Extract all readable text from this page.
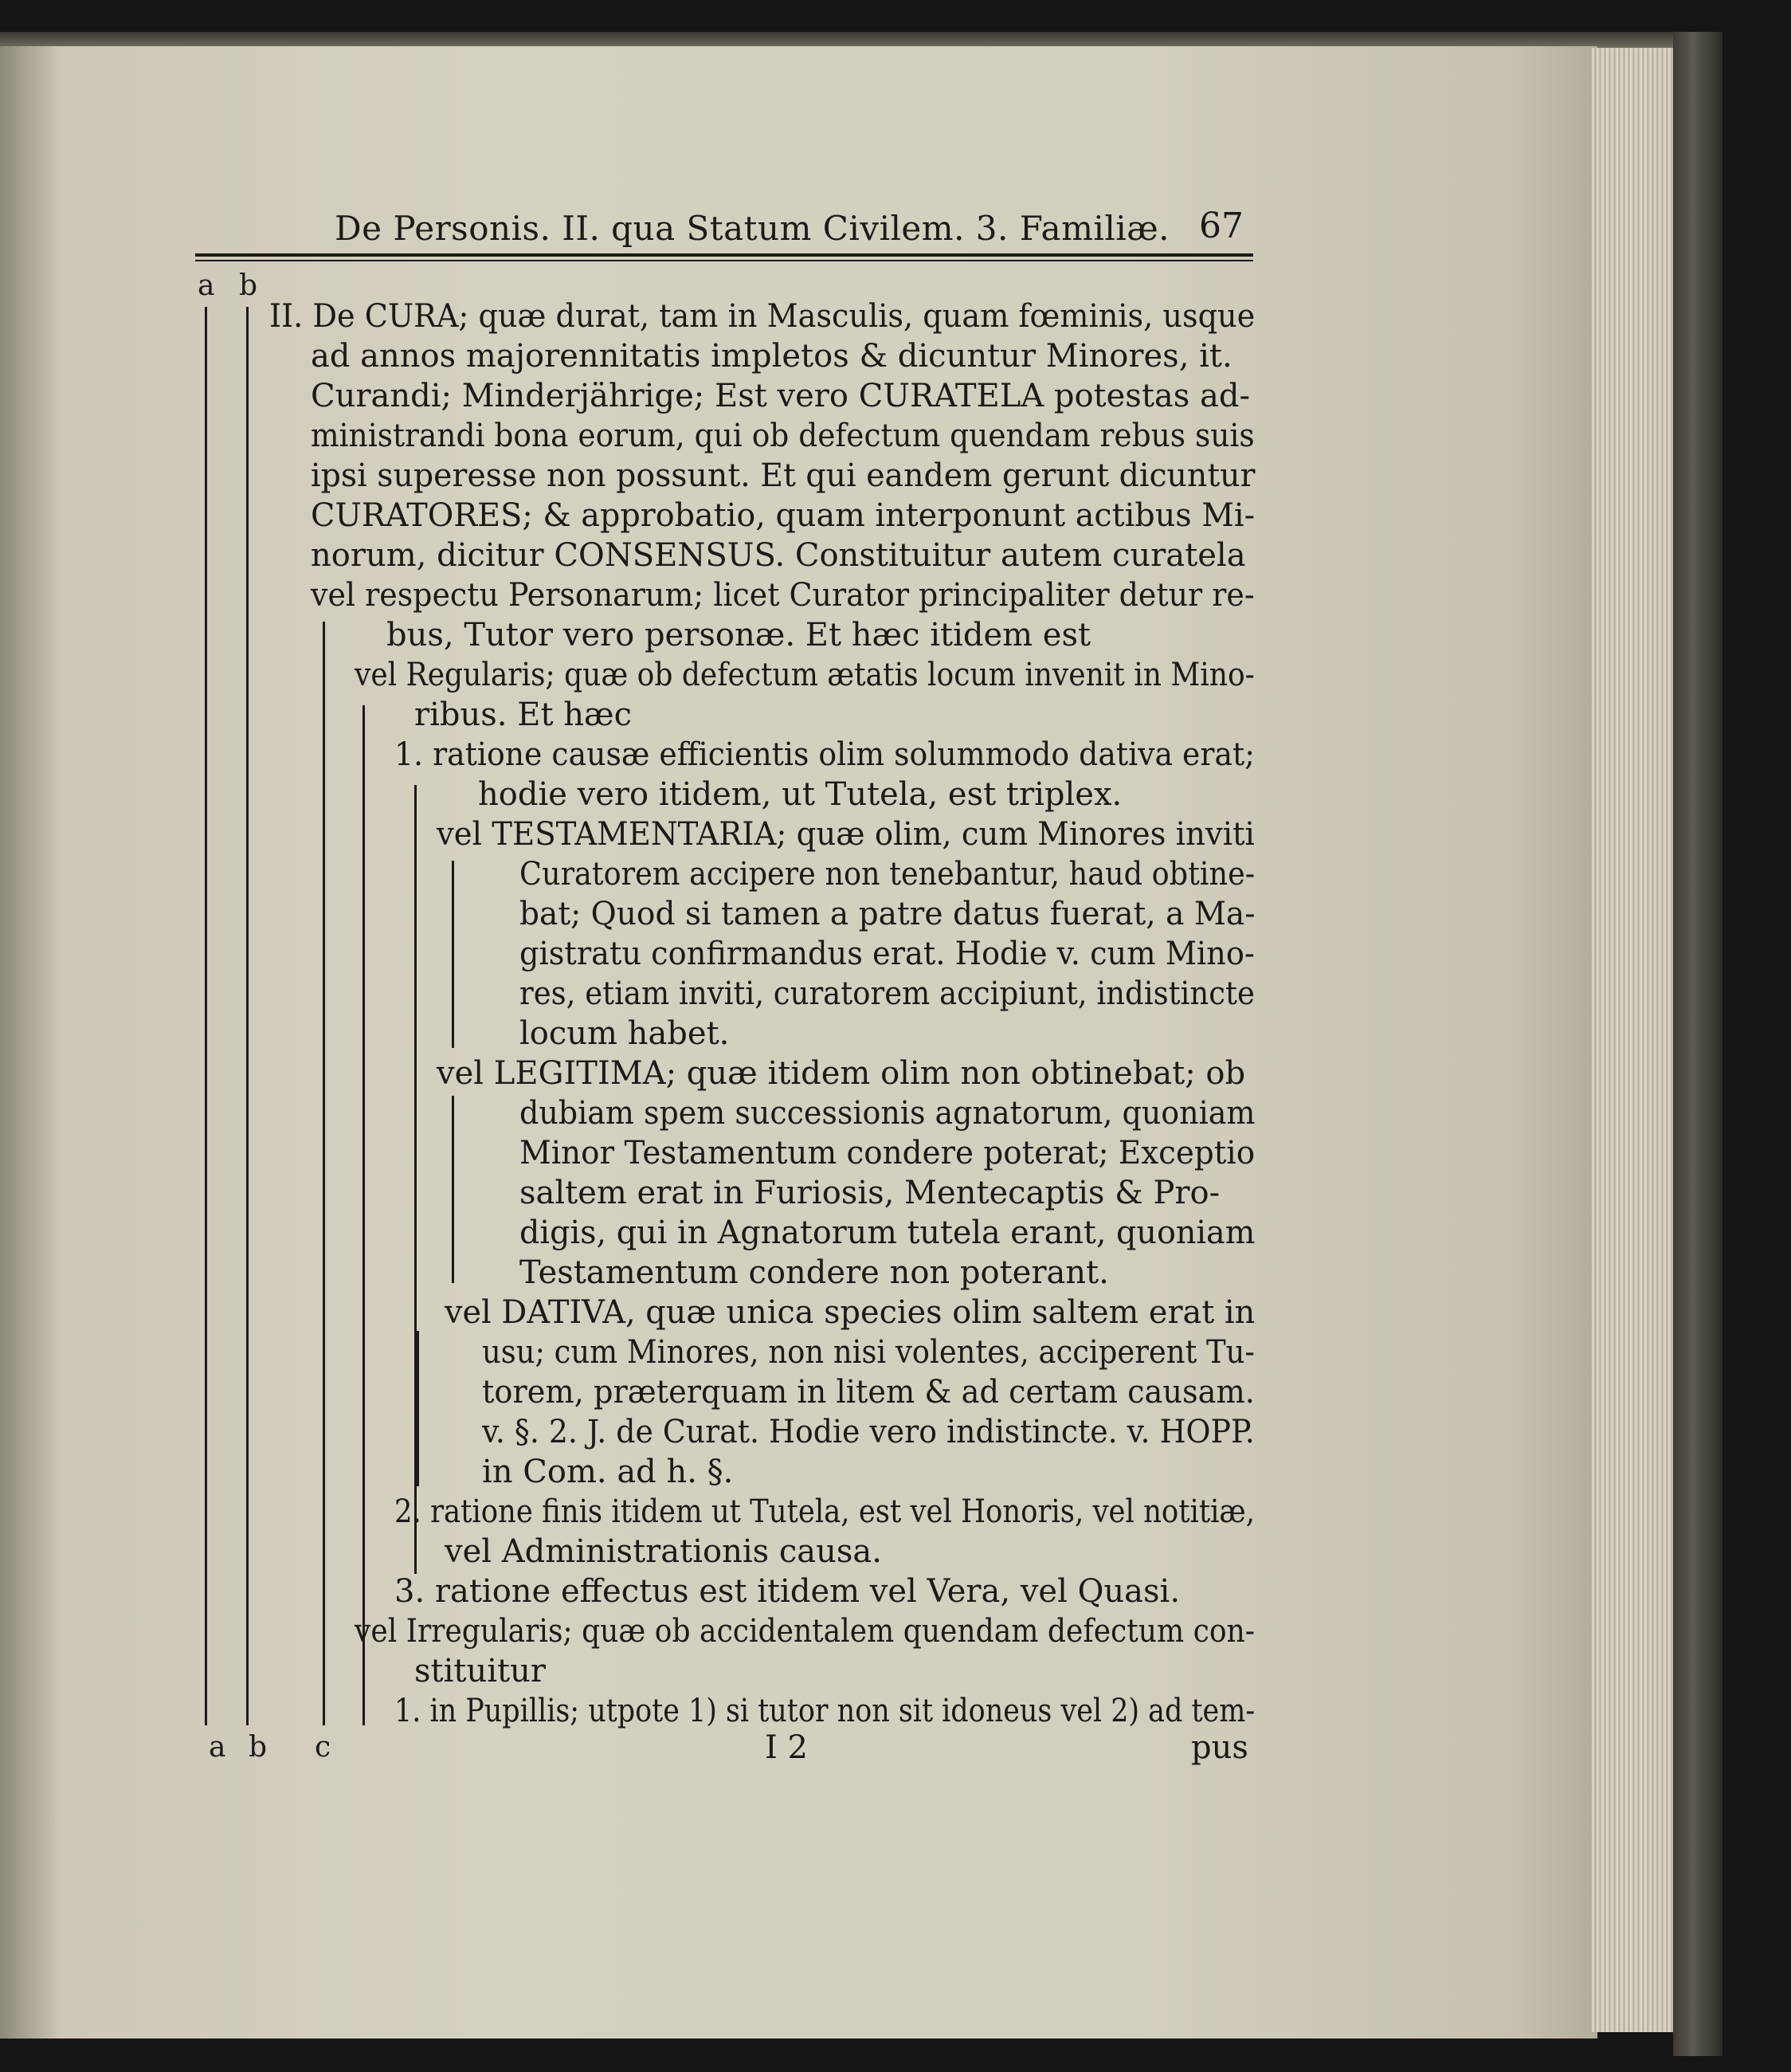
De Personis. II. qua Statum Civilem. 3. Familiæ. 67
a b
II. De CURA; quæ durat, tam in Masculis, quam fœminis, usque
ad annos majorennitatis impletos & dicuntur Minores, it.
Curandi; Minderjährige; Est vero CURATELA potestas ad-
ministrandi bona eorum, qui ob defectum quendam rebus suis
ipsi superesse non possunt. Et qui eandem gerunt dicuntur
CURATORES; & approbatio, quam interponunt actibus Mi-
norum, dicitur CONSENSUS. Constituitur autem curatela
vel respectu Personarum; licet Curator principaliter detur re-
bus, Tutor vero personæ. Et hæc itidem est
vel Regularis; quæ ob defectum ætatis locum invenit in Mino-
ribus. Et hæc
1. ratione causæ efficientis olim solummodo dativa erat;
hodie vero itidem, ut Tutela, est triplex.
vel TESTAMENTARIA; quæ olim, cum Minores inviti
Curatorem accipere non tenebantur, haud obtine-
bat; Quod si tamen a patre datus fuerat, a Ma-
gistratu confirmandus erat. Hodie v. cum Mino-
res, etiam inviti, curatorem accipiunt, indistincte
locum habet.
vel LEGITIMA; quæ itidem olim non obtinebat; ob
dubiam spem successionis agnatorum, quoniam
Minor Testamentum condere poterat; Exceptio
saltem erat in Furiosis, Mentecaptis & Pro-
digis, qui in Agnatorum tutela erant, quoniam
Testamentum condere non poterant.
vel DATIVA, quæ unica species olim saltem erat in
usu; cum Minores, non nisi volentes, acciperent Tu-
torem, præterquam in litem & ad certam causam.
v. §. 2. J. de Curat. Hodie vero indistincte. v. HOPP.
in Com. ad h. §.
2. ratione finis itidem ut Tutela, est vel Honoris, vel notitiæ,
vel Administrationis causa.
3. ratione effectus est itidem vel Vera, vel Quasi.
vel Irregularis; quæ ob accidentalem quendam defectum con-
stituitur
1. in Pupillis; utpote 1) si tutor non sit idoneus vel 2) ad tem-
a b c	I 2	pus
